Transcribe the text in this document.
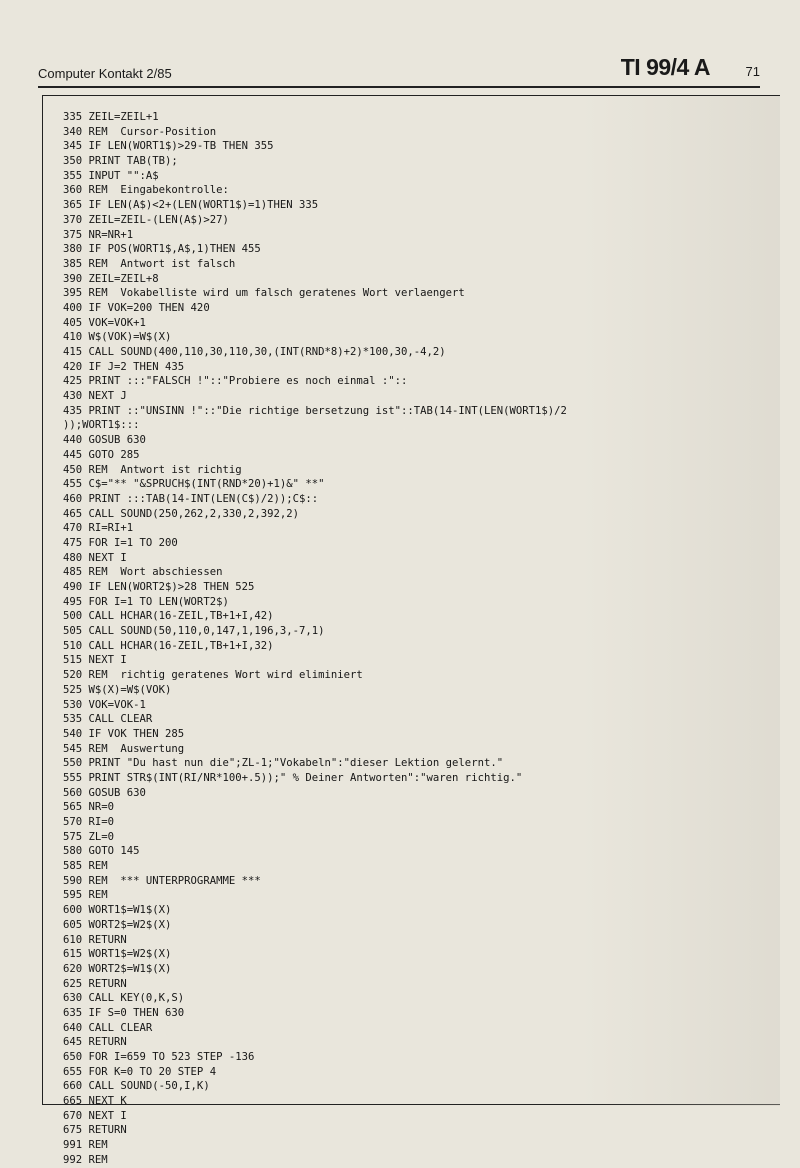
Computer Kontakt 2/85	TI 99/4 A	71
335 ZEIL=ZEIL+1
340 REM  Cursor-Position
345 IF LEN(WORT1$)>29-TB THEN 355
350 PRINT TAB(TB);
355 INPUT "":A$
360 REM  Eingabekontrolle:
365 IF LEN(A$)<2+(LEN(WORT1$)=1)THEN 335
370 ZEIL=ZEIL-(LEN(A$)>27)
375 NR=NR+1
380 IF POS(WORT1$,A$,1)THEN 455
385 REM  Antwort ist falsch
390 ZEIL=ZEIL+8
395 REM  Vokabelliste wird um falsch geratenes Wort verlaengert
400 IF VOK=200 THEN 420
405 VOK=VOK+1
410 W$(VOK)=W$(X)
415 CALL SOUND(400,110,30,110,30,(INT(RND*8)+2)*100,30,-4,2)
420 IF J=2 THEN 435
425 PRINT :::"FALSCH !"::"Probiere es noch einmal :"::
430 NEXT J
435 PRINT ::"UNSINN !"::"Die richtige bersetzung ist"::TAB(14-INT(LEN(WORT1$)/2
));WORT1$:::
440 GOSUB 630
445 GOTO 285
450 REM  Antwort ist richtig
455 C$="** "&SPRUCH$(INT(RND*20)+1)&" **"
460 PRINT :::TAB(14-INT(LEN(C$)/2));C$::
465 CALL SOUND(250,262,2,330,2,392,2)
470 RI=RI+1
475 FOR I=1 TO 200
480 NEXT I
485 REM  Wort abschiessen
490 IF LEN(WORT2$)>28 THEN 525
495 FOR I=1 TO LEN(WORT2$)
500 CALL HCHAR(16-ZEIL,TB+1+I,42)
505 CALL SOUND(50,110,0,147,1,196,3,-7,1)
510 CALL HCHAR(16-ZEIL,TB+1+I,32)
515 NEXT I
520 REM  richtig geratenes Wort wird eliminiert
525 W$(X)=W$(VOK)
530 VOK=VOK-1
535 CALL CLEAR
540 IF VOK THEN 285
545 REM  Auswertung
550 PRINT "Du hast nun die";ZL-1;"Vokabeln":"dieser Lektion gelernt."
555 PRINT STR$(INT(RI/NR*100+.5));" % Deiner Antworten":"waren richtig."
560 GOSUB 630
565 NR=0
570 RI=0
575 ZL=0
580 GOTO 145
585 REM
590 REM  *** UNTERPROGRAMME ***
595 REM
600 WORT1$=W1$(X)
605 WORT2$=W2$(X)
610 RETURN
615 WORT1$=W2$(X)
620 WORT2$=W1$(X)
625 RETURN
630 CALL KEY(0,K,S)
635 IF S=0 THEN 630
640 CALL CLEAR
645 RETURN
650 FOR I=659 TO 523 STEP -136
655 FOR K=0 TO 20 STEP 4
660 CALL SOUND(-50,I,K)
665 NEXT K
670 NEXT I
675 RETURN
991 REM
992 REM
